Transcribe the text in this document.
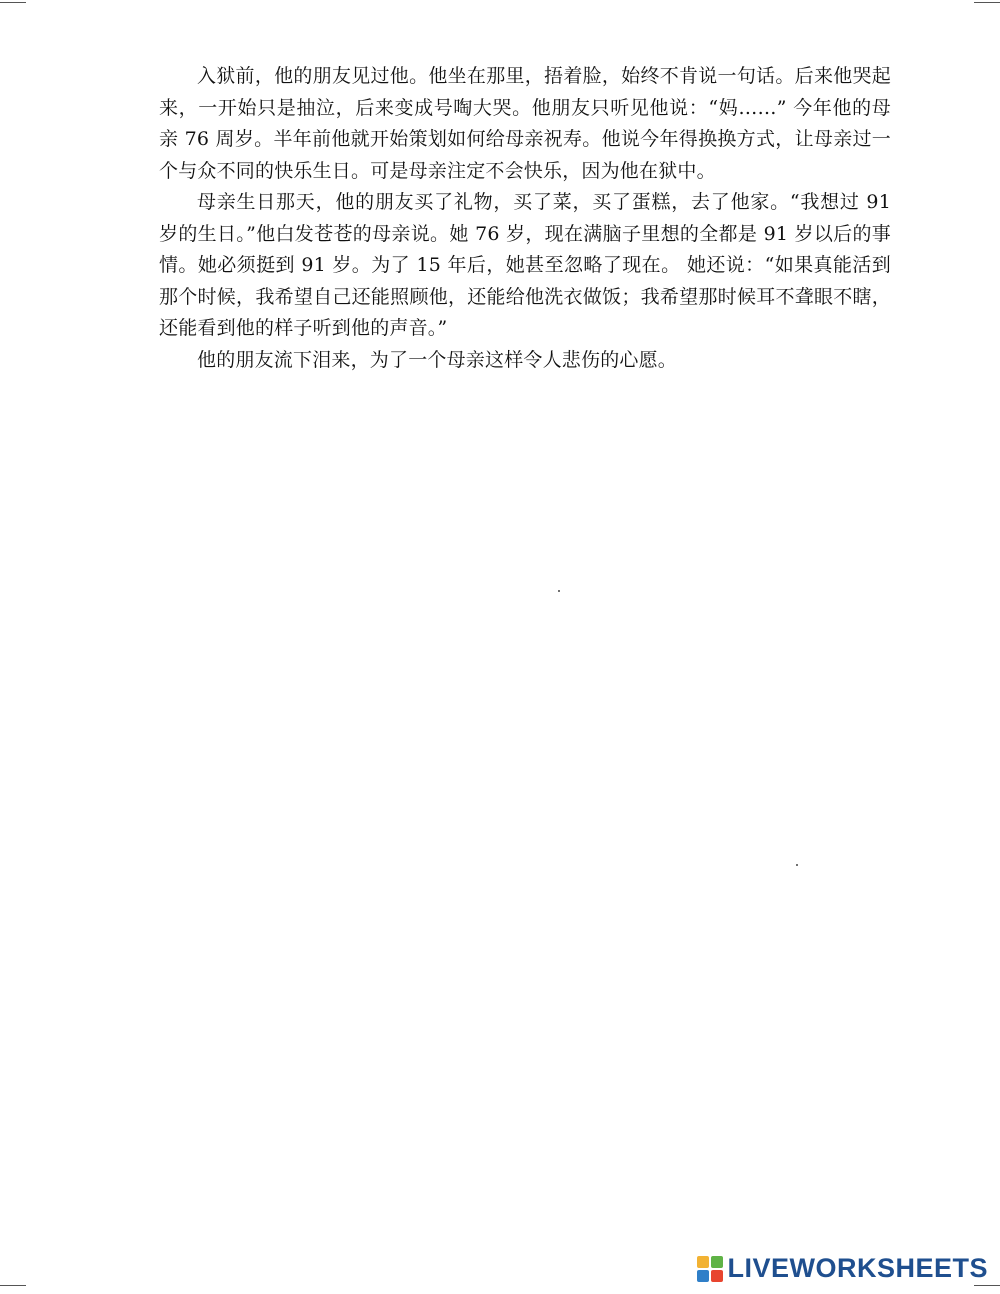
入狱前，他的朋友见过他。他坐在那里，捂着脸，始终不肯说一句话。后来他哭起来，一开始只是抽泣，后来变成号啕大哭。他朋友只听见他说：“妈……” 今年他的母亲 76 周岁。半年前他就开始策划如何给母亲祝寿。他说今年得换换方式，让母亲过一个与众不同的快乐生日。可是母亲注定不会快乐，因为他在狱中。

母亲生日那天，他的朋友买了礼物，买了菜，买了蛋糕，去了他家。“我想过 91 岁的生日。”他白发苍苍的母亲说。她 76 岁，现在满脑子里想的全都是 91 岁以后的事情。她必须挺到 91 岁。为了 15 年后，她甚至忽略了现在。 她还说：“如果真能活到那个时候，我希望自己还能照顾他，还能给他洗衣做饭；我希望那时候耳不聋眼不瞎，还能看到他的样子听到他的声音。”

他的朋友流下泪来，为了一个母亲这样令人悲伤的心愿。

LIVEWORKSHEETS
